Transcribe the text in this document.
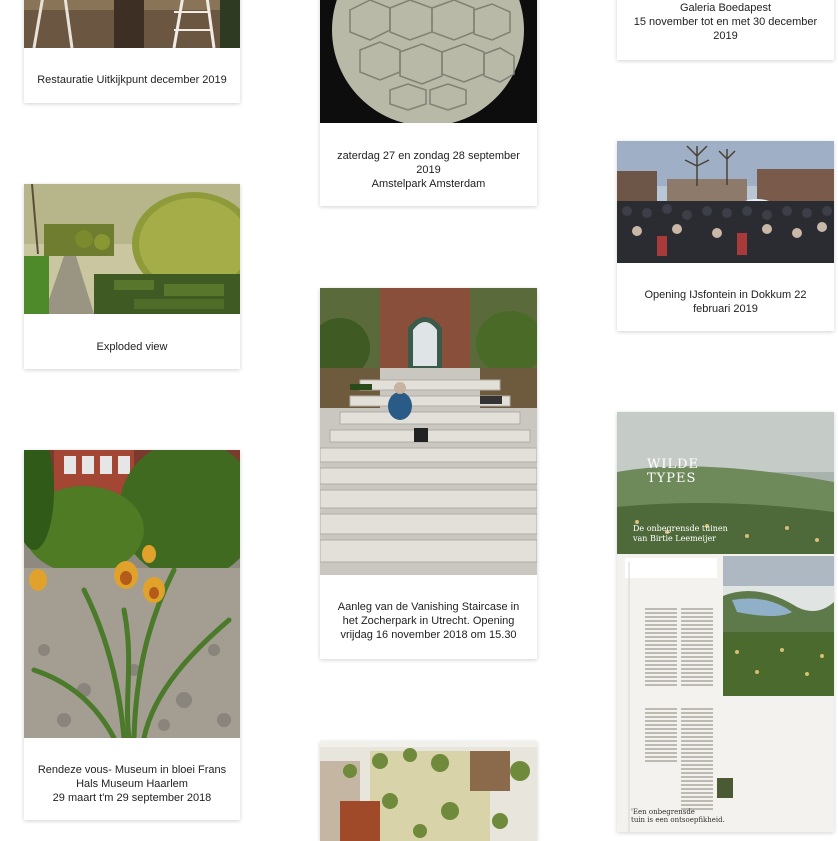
Restauratie Uitkijkpunt december 2019
Exploded view
Rendeze vous- Museum in bloei Frans
Hals Museum Haarlem
29 maart t'm 29 september 2018
zaterdag 27 en zondag 28 september
2019
Amstelpark Amsterdam
Aanleg van de Vanishing Staircase in
het Zocherpark in Utrecht. Opening
vrijdag 16 november 2018 om 15.30
Galeria Boedapest
15 november tot en met 30 december
2019
Opening IJsfontein in Dokkum 22
februari 2019
WILDE
TYPES
De onbegrensde tuinen
van Birtie Leemeijer
'Een onbegrensde
tuin is een ontsoepfikheid.
